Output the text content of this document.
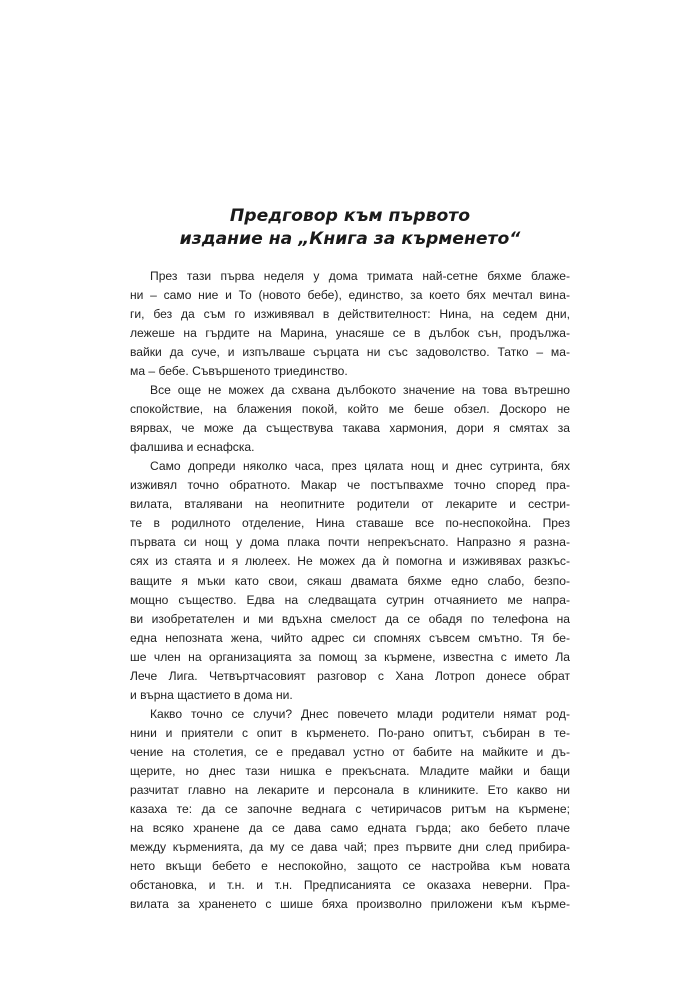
Предговор към първото
издание на „Книга за кърменето“
През тази първа неделя у дома тримата най-сетне бяхме блаже-
ни – само ние и То (новото бебе), единство, за което бях мечтал вина-
ги, без да съм го изживявал в действителност: Нина, на седем дни,
лежеше на гърдите на Марина, унасяше се в дълбок сън, продължа-
вайки да суче, и изпълваше сърцата ни със задоволство. Татко – ма-
ма – бебе. Съвършеното триединство.
Все още не можех да схвана дълбокото значение на това вътрешно
спокойствие, на блажения покой, който ме беше обзел. Доскоро не
вярвах, че може да съществува такава хармония, дори я смятах за
фалшива и еснафска.
Само допреди няколко часа, през цялата нощ и днес сутринта, бях
изживял точно обратното. Макар че постъпвахме точно според пра-
вилата, вталявани на неопитните родители от лекарите и сестри-
те в родилното отделение, Нина ставаше все по-неспокойна. През
първата си нощ у дома плака почти непрекъснато. Напразно я разна-
сях из стаята и я люлеех. Не можех да ѝ помогна и изживявах разкъс-
ващите я мъки като свои, сякаш двамата бяхме едно слабо, безпо-
мощно същество. Едва на следващата сутрин отчаянието ме напра-
ви изобретателен и ми вдъхна смелост да се обадя по телефона на
една непозната жена, чийто адрес си спомнях съвсем смътно. Тя бе-
ше член на организацията за помощ за кърмене, известна с името Ла
Лече Лига. Четвъртчасовият разговор с Хана Лотроп донесе обрат
и върна щастието в дома ни.
Какво точно се случи? Днес повечето млади родители нямат род-
нини и приятели с опит в кърменето. По-рано опитът, събиран в те-
чение на столетия, се е предавал устно от бабите на майките и дъ-
щерите, но днес тази нишка е прекъсната. Младите майки и бащи
разчитат главно на лекарите и персонала в клиниките. Ето какво ни
казаха те: да се започне веднага с четиричасов ритъм на кърмене;
на всяко хранене да се дава само едната гърда; ако бебето плаче
между кърменията, да му се дава чай; през първите дни след прибира-
нето вкъщи бебето е неспокойно, защото се настройва към новата
обстановка, и т.н. и т.н. Предписанията се оказаха неверни. Пра-
вилата за храненето с шише бяха произволно приложени към кърме-
